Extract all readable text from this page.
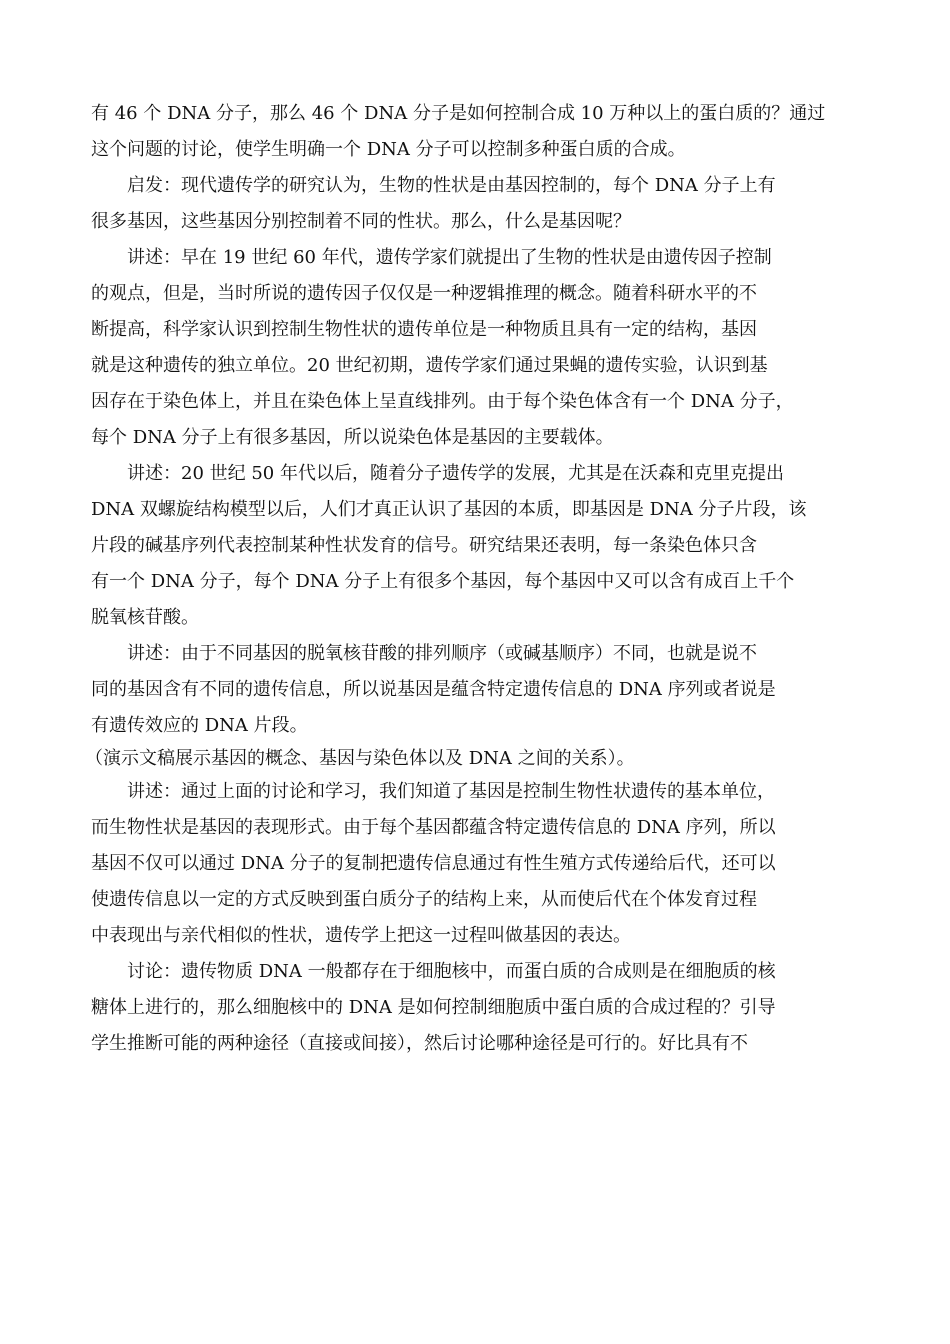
有 46 个 DNA 分子，那么 46 个 DNA 分子是如何控制合成 10 万种以上的蛋白质的？通过
这个问题的讨论，使学生明确一个 DNA 分子可以控制多种蛋白质的合成。
启发：现代遗传学的研究认为，生物的性状是由基因控制的，每个 DNA 分子上有
很多基因，这些基因分别控制着不同的性状。那么，什么是基因呢？
讲述：早在 19 世纪 60 年代，遗传学家们就提出了生物的性状是由遗传因子控制
的观点，但是，当时所说的遗传因子仅仅是一种逻辑推理的概念。随着科研水平的不
断提高，科学家认识到控制生物性状的遗传单位是一种物质且具有一定的结构，基因
就是这种遗传的独立单位。20 世纪初期，遗传学家们通过果蝇的遗传实验，认识到基
因存在于染色体上，并且在染色体上呈直线排列。由于每个染色体含有一个 DNA 分子，
每个 DNA 分子上有很多基因，所以说染色体是基因的主要载体。
讲述：20 世纪 50 年代以后，随着分子遗传学的发展，尤其是在沃森和克里克提出
DNA 双螺旋结构模型以后，人们才真正认识了基因的本质，即基因是 DNA 分子片段，该
片段的碱基序列代表控制某种性状发育的信号。研究结果还表明，每一条染色体只含
有一个 DNA 分子，每个 DNA 分子上有很多个基因，每个基因中又可以含有成百上千个
脱氧核苷酸。
讲述：由于不同基因的脱氧核苷酸的排列顺序（或碱基顺序）不同，也就是说不
同的基因含有不同的遗传信息，所以说基因是蕴含特定遗传信息的 DNA 序列或者说是
有遗传效应的 DNA 片段。
（演示文稿展示基因的概念、基因与染色体以及 DNA 之间的关系）。
讲述：通过上面的讨论和学习，我们知道了基因是控制生物性状遗传的基本单位，
而生物性状是基因的表现形式。由于每个基因都蕴含特定遗传信息的 DNA 序列，所以
基因不仅可以通过 DNA 分子的复制把遗传信息通过有性生殖方式传递给后代，还可以
使遗传信息以一定的方式反映到蛋白质分子的结构上来，从而使后代在个体发育过程
中表现出与亲代相似的性状，遗传学上把这一过程叫做基因的表达。
讨论：遗传物质 DNA 一般都存在于细胞核中，而蛋白质的合成则是在细胞质的核
糖体上进行的，那么细胞核中的 DNA 是如何控制细胞质中蛋白质的合成过程的？引导
学生推断可能的两种途径（直接或间接），然后讨论哪种途径是可行的。好比具有不
